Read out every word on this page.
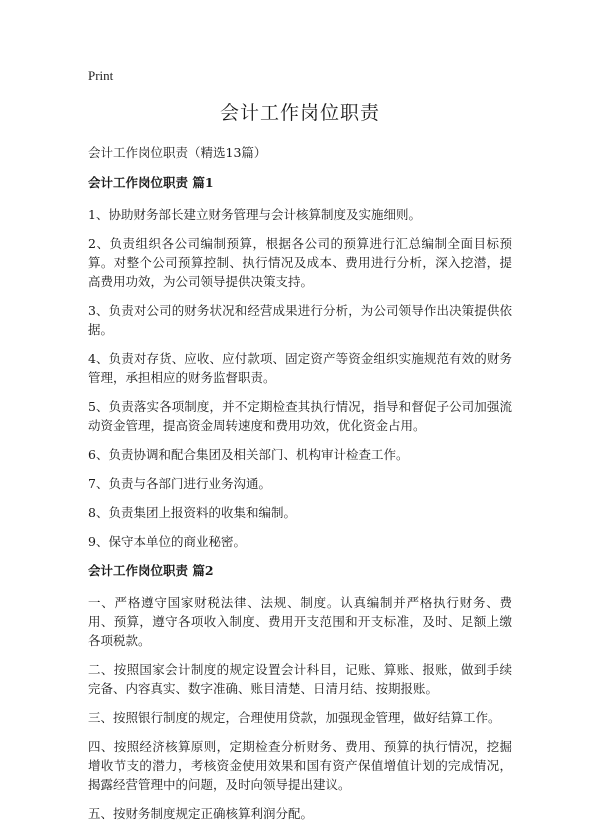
Print
会计工作岗位职责

会计工作岗位职责（精选13篇）

会计工作岗位职责 篇1

1、协助财务部长建立财务管理与会计核算制度及实施细则。

2、负责组织各公司编制预算，根据各公司的预算进行汇总编制全面目标预算。对整个公司预算控制、执行情况及成本、费用进行分析，深入挖潜，提高费用功效，为公司领导提供决策支持。

3、负责对公司的财务状况和经营成果进行分析，为公司领导作出决策提供依据。

4、负责对存货、应收、应付款项、固定资产等资金组织实施规范有效的财务管理，承担相应的财务监督职责。

5、负责落实各项制度，并不定期检查其执行情况，指导和督促子公司加强流动资金管理，提高资金周转速度和费用功效，优化资金占用。

6、负责协调和配合集团及相关部门、机构审计检查工作。

7、负责与各部门进行业务沟通。

8、负责集团上报资料的收集和编制。

9、保守本单位的商业秘密。

会计工作岗位职责 篇2

一、严格遵守国家财税法律、法规、制度。认真编制并严格执行财务、费用、预算，遵守各项收入制度、费用开支范围和开支标准，及时、足额上缴各项税款。

二、按照国家会计制度的规定设置会计科目，记账、算账、报账，做到手续完备、内容真实、数字准确、账目清楚、日清月结、按期报账。

三、按照银行制度的规定，合理使用贷款，加强现金管理，做好结算工作。

四、按照经济核算原则，定期检查分析财务、费用、预算的执行情况，挖掘增收节支的潜力，考核资金使用效果和国有资产保值增值计划的完成情况，揭露经营管理中的问题，及时向领导提出建议。

五、按财务制度规定正确核算利润分配。
